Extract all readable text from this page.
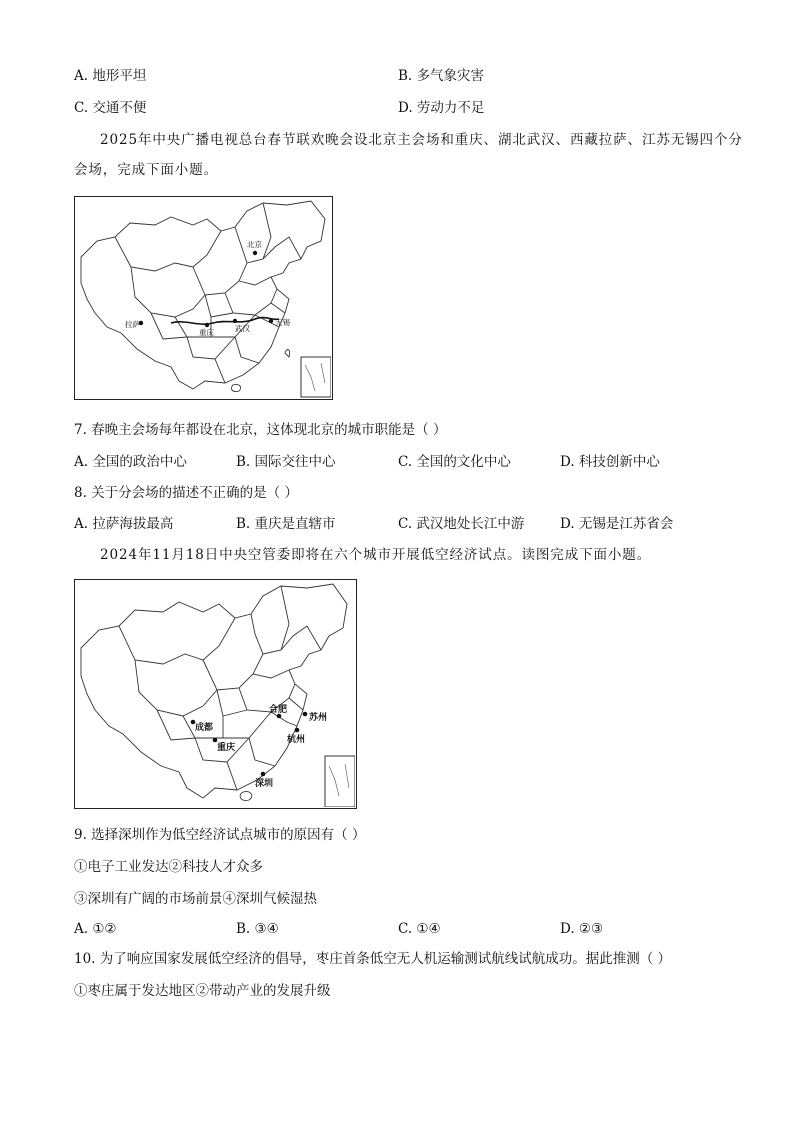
A. 地形平坦	B. 多气象灾害
C. 交通不便	D. 劳动力不足
2025年中央广播电视总台春节联欢晚会设北京主会场和重庆、湖北武汉、西藏拉萨、江苏无锡四个分
会场，完成下面小题。
北京
拉萨
重庆	武汉
无锡
7. 春晚主会场每年都设在北京，这体现北京的城市职能是（ ）
A. 全国的政治中心	B. 国际交往中心	C. 全国的文化中心	D. 科技创新中心
8. 关于分会场的描述不正确的是（ ）
A. 拉萨海拔最高	B. 重庆是直辖市	C. 武汉地处长江中游	D. 无锡是江苏省会
2024年11月18日中央空管委即将在六个城市开展低空经济试点。读图完成下面小题。
成都
重庆
合肥
苏州
杭州
深圳
9. 选择深圳作为低空经济试点城市的原因有（ ）
①电子工业发达②科技人才众多
③深圳有广阔的市场前景④深圳气候湿热
A. ①②	B. ③④	C. ①④	D. ②③
10. 为了响应国家发展低空经济的倡导，枣庄首条低空无人机运输测试航线试航成功。据此推测（ ）
①枣庄属于发达地区②带动产业的发展升级
